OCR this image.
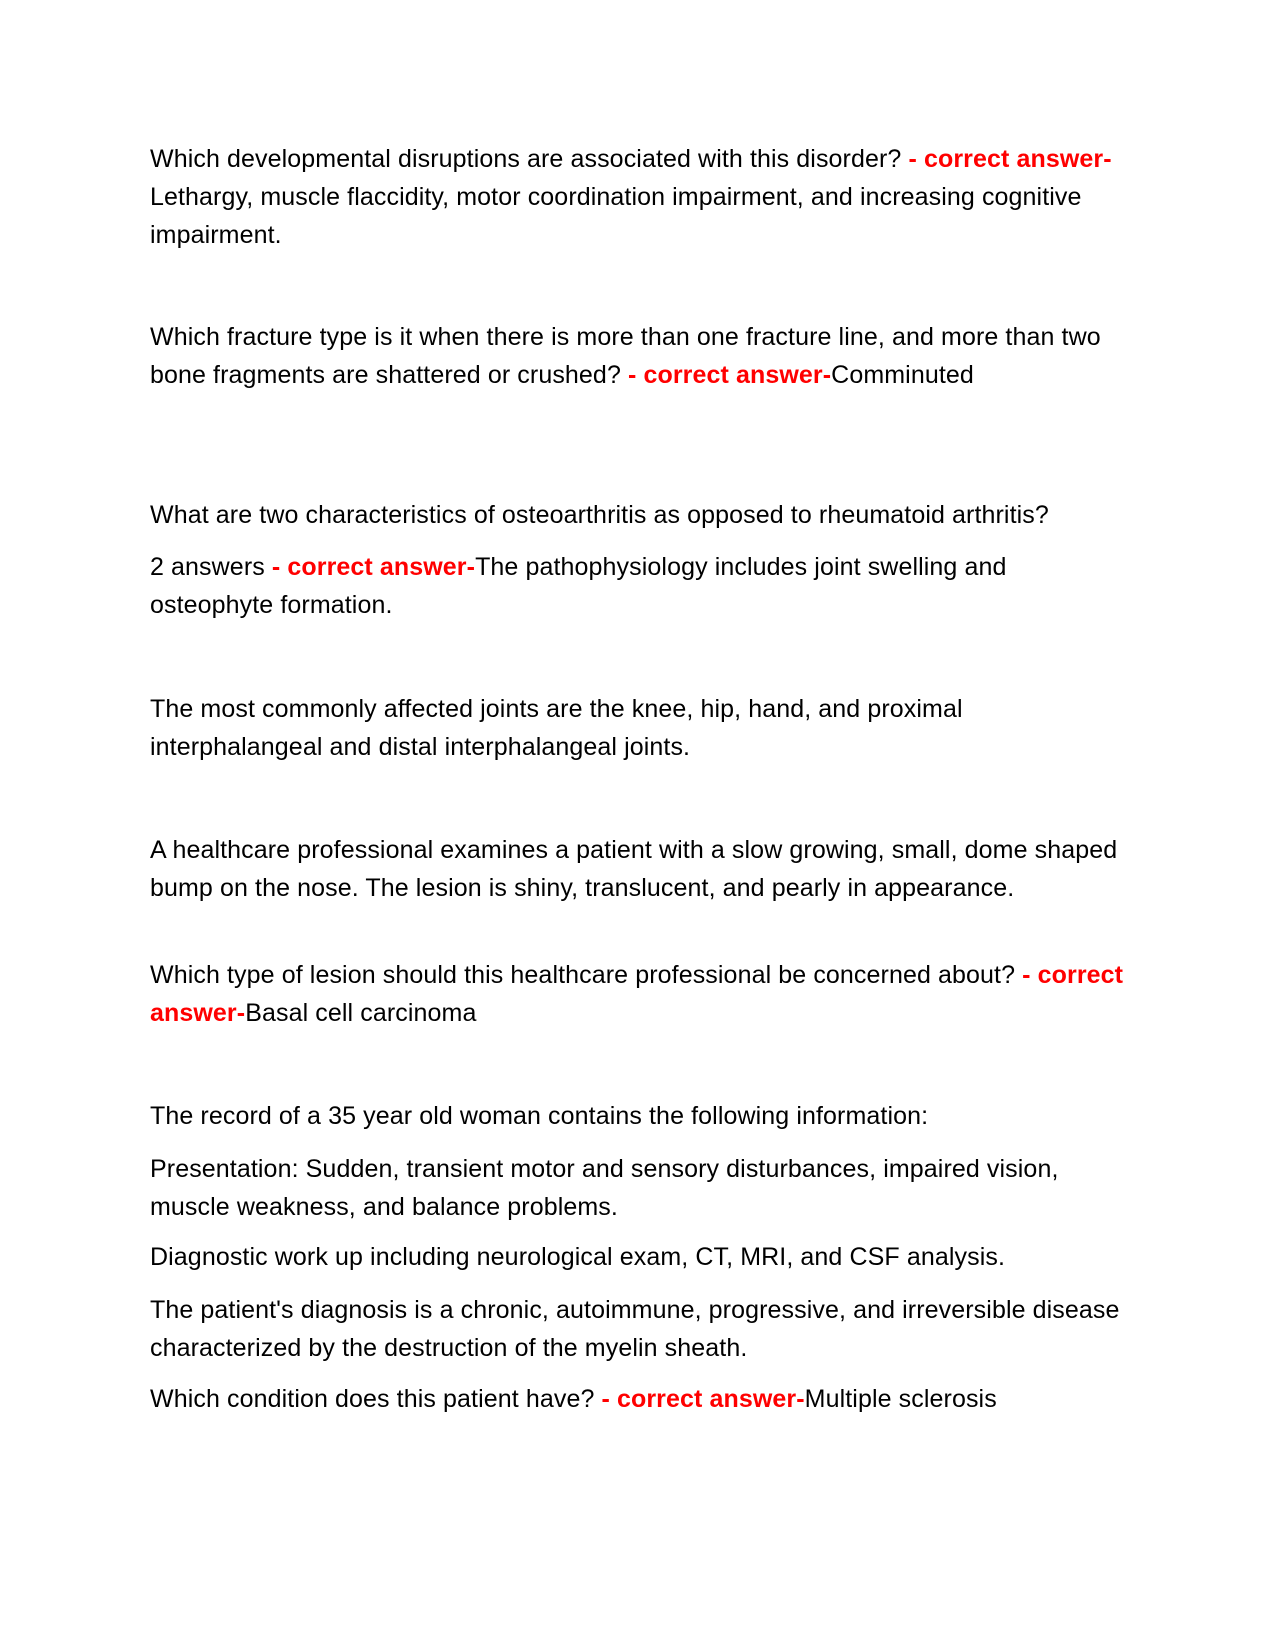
Which developmental disruptions are associated with this disorder? - correct answer-Lethargy, muscle flaccidity, motor coordination impairment, and increasing cognitive impairment.

Which fracture type is it when there is more than one fracture line, and more than two bone fragments are shattered or crushed? - correct answer-Comminuted

What are two characteristics of osteoarthritis as opposed to rheumatoid arthritis?

2 answers - correct answer-The pathophysiology includes joint swelling and osteophyte formation.

The most commonly affected joints are the knee, hip, hand, and proximal interphalangeal and distal interphalangeal joints.

A healthcare professional examines a patient with a slow growing, small, dome shaped bump on the nose. The lesion is shiny, translucent, and pearly in appearance.

Which type of lesion should this healthcare professional be concerned about? - correct answer-Basal cell carcinoma

The record of a 35 year old woman contains the following information:

Presentation: Sudden, transient motor and sensory disturbances, impaired vision, muscle weakness, and balance problems.

Diagnostic work up including neurological exam, CT, MRI, and CSF analysis.

The patient's diagnosis is a chronic, autoimmune, progressive, and irreversible disease characterized by the destruction of the myelin sheath.

Which condition does this patient have? - correct answer-Multiple sclerosis
